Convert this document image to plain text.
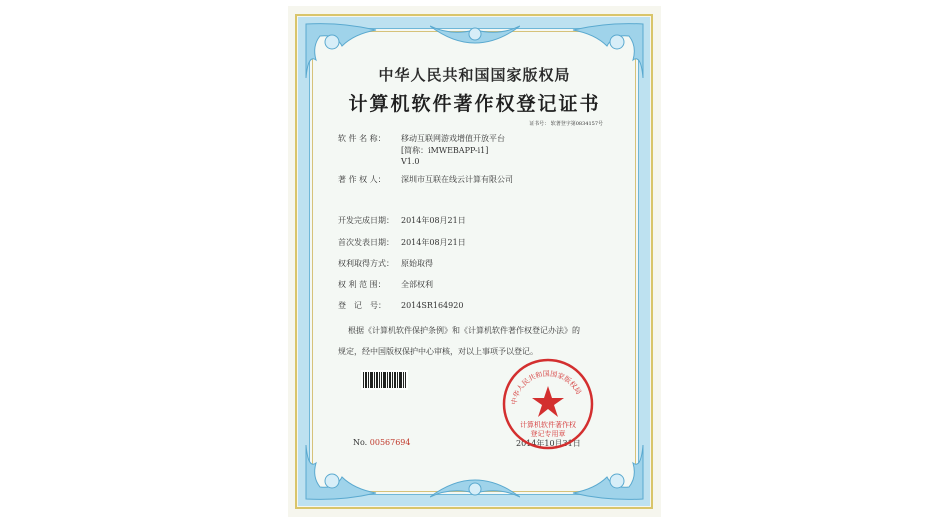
中华人民共和国国家版权局
计算机软件著作权登记证书
证书号： 软著登字第0834157号
软 件 名 称： 移动互联网游戏增值开放平台
[简称：iMWEBAPP-i1]
V1.0
著 作 权 人： 深圳市互联在线云计算有限公司
开发完成日期： 2014年08月21日
首次发表日期： 2014年08月21日
权利取得方式： 原始取得
权 利 范 围： 全部权利
登　记　号： 2014SR164920
根据《计算机软件保护条例》和《计算机软件著作权登记办法》的
规定，经中国版权保护中心审核，对以上事项予以登记。
No. 00567694	2014年10月31日
中华人民共和国国家版权局
计算机软件著作权
登记专用章
